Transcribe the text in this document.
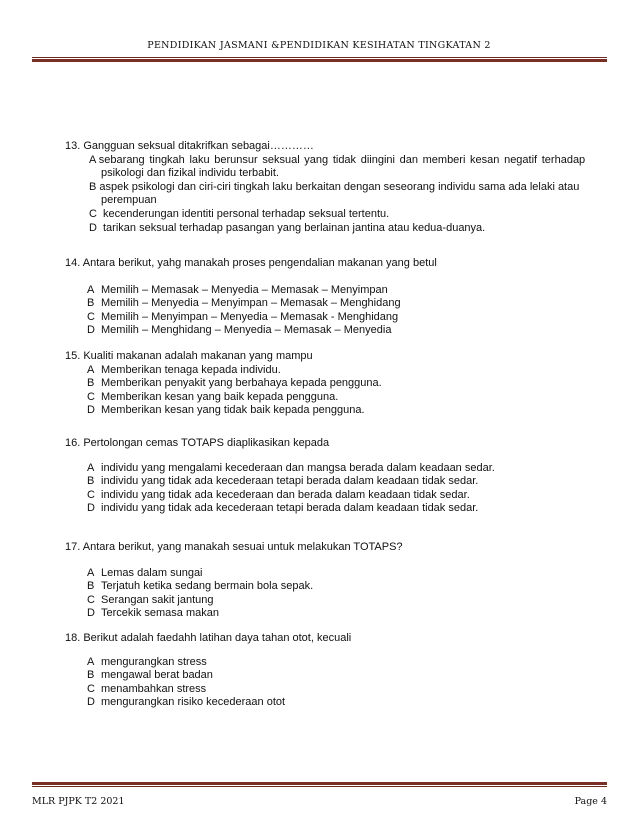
PENDIDIKAN JASMANI &PENDIDIKAN KESIHATAN TINGKATAN 2
13. Gangguan seksual ditakrifkan sebagai…………
A sebarang tingkah laku berunsur seksual yang tidak diingini dan memberi kesan negatif terhadap
psikologi dan fizikal individu terbabit.
B aspek psikologi dan ciri-ciri tingkah laku berkaitan dengan seseorang individu sama ada lelaki atau
perempuan
C kecenderungan identiti personal terhadap seksual tertentu.
D tarikan seksual terhadap pasangan yang berlainan jantina atau kedua-duanya.
14. Antara berikut, yahg manakah proses pengendalian makanan yang betul
A Memilih – Memasak – Menyedia – Memasak – Menyimpan
B Memilih – Menyedia – Menyimpan – Memasak – Menghidang
C Memilih – Menyimpan – Menyedia – Memasak - Menghidang
D Memilih – Menghidang – Menyedia – Memasak – Menyedia
15. Kualiti makanan adalah makanan yang mampu
A Memberikan tenaga kepada individu.
B Memberikan penyakit yang berbahaya kepada pengguna.
C Memberikan kesan yang baik kepada pengguna.
D Memberikan kesan yang tidak baik kepada pengguna.
16. Pertolongan cemas TOTAPS diaplikasikan kepada
A individu yang mengalami kecederaan dan mangsa berada dalam keadaan sedar.
B individu yang tidak ada kecederaan tetapi berada dalam keadaan tidak sedar.
C individu yang tidak ada kecederaan dan berada dalam keadaan tidak sedar.
D individu yang tidak ada kecederaan tetapi berada dalam keadaan tidak sedar.
17. Antara berikut, yang manakah sesuai untuk melakukan TOTAPS?
A Lemas dalam sungai
B Terjatuh ketika sedang bermain bola sepak.
C Serangan sakit jantung
D Tercekik semasa makan
18. Berikut adalah faedahh latihan daya tahan otot, kecuali
A mengurangkan stress
B mengawal berat badan
C menambahkan stress
D mengurangkan risiko kecederaan otot
MLR PJPK T2 2021	Page 4
